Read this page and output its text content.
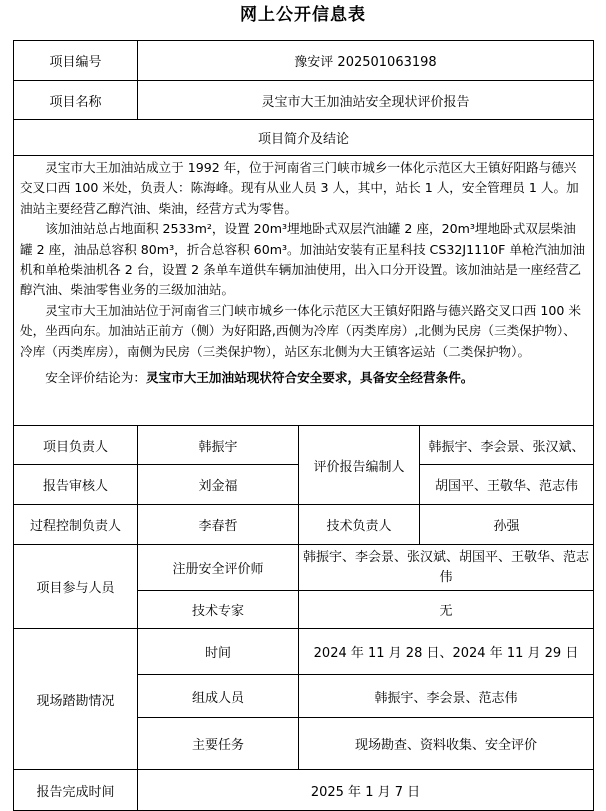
网上公开信息表
项目编号	豫安评 202501063198		
项目名称	灵宝市大王加油站安全现状评价报告		
项目简介及结论			

灵宝市大王加油站成立于 1992 年，位于河南省三门峡市城乡一体化示范区大王镇好阳路与德兴交叉口西 100 米处，负责人：陈海峰。现有从业人员 3 人，其中，站长 1 人，安全管理员 1 人。加油站主要经营乙醇汽油、柴油，经营方式为零售。

该加油站总占地面积 2533m²，设置 20m³埋地卧式双层汽油罐 2 座，20m³埋地卧式双层柴油罐 2 座，油品总容积 80m³，折合总容积 60m³。加油站安装有正星科技 CS32J1110F 单枪汽油加油机和单枪柴油机各 2 台，设置 2 条单车道供车辆加油使用，出入口分开设置。该加油站是一座经营乙醇汽油、柴油零售业务的三级加油站。

灵宝市大王加油站位于河南省三门峡市城乡一体化示范区大王镇好阳路与德兴路交叉口西 100 米处，坐西向东。加油站正前方（侧）为好阳路,西侧为冷库（丙类库房）,北侧为民房（三类保护物）、冷库（丙类库房），南侧为民房（三类保护物），站区东北侧为大王镇客运站（二类保护物）。

安全评价结论为：灵宝市大王加油站现状符合安全要求，具备安全经营条件。			

项目负责人	韩振宇	评价报告编制人	韩振宇、李会景、张汉斌、
报告审核人	刘金福		胡国平、王敬华、范志伟
过程控制负责人	李春哲	技术负责人	孙强
项目参与人员	注册安全评价师	韩振宇、李会景、张汉斌、胡国平、王敬华、范志伟	
	技术专家	无	
现场踏勘情况	时间	2024 年 11 月 28 日、2024 年 11 月 29 日	
	组成人员	韩振宇、李会景、范志伟	
	主要任务	现场勘查、资料收集、安全评价	
报告完成时间	2025 年 1 月 7 日		
